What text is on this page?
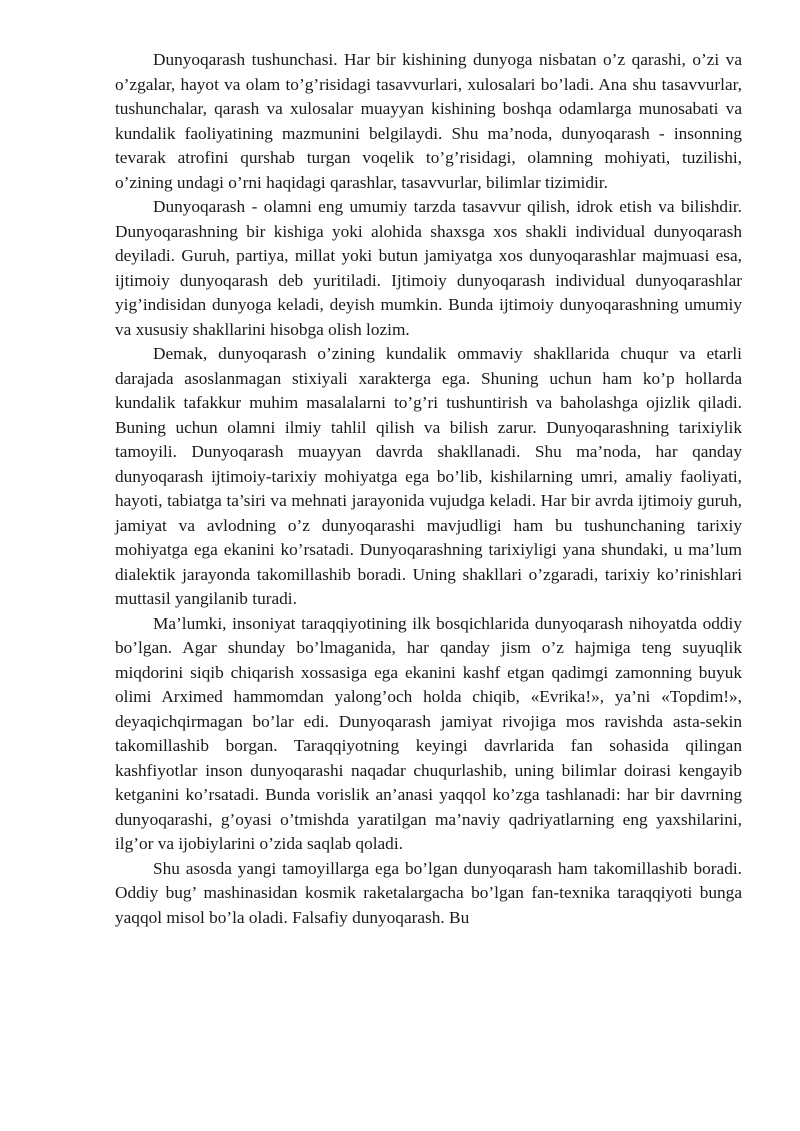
Dunyoqarash tushunchasi. Har bir kishining dunyoga nisbatan o’z qarashi, o’zi va o’zgalar, hayot va olam to’g’risidagi tasavvurlari, xulosalari bo’ladi. Ana shu tasavvurlar, tushunchalar, qarash va xulosalar muayyan kishining boshqa odamlarga munosabati va kundalik faoliyatining mazmunini belgilaydi. Shu ma’noda, dunyoqarash - insonning tevarak atrofini qurshab turgan voqelik to’g’risidagi, olamning mohiyati, tuzilishi, o’zining undagi o’rni haqidagi qarashlar, tasavvurlar, bilimlar tizimidir.

Dunyoqarash - olamni eng umumiy tarzda tasavvur qilish, idrok etish va bilishdir. Dunyoqarashning bir kishiga yoki alohida shaxsga xos shakli individual dunyoqarash deyiladi. Guruh, partiya, millat yoki butun jamiyatga xos dunyoqarashlar majmuasi esa, ijtimoiy dunyoqarash deb yuritiladi. Ijtimoiy dunyoqarash individual dunyoqarashlar yig’indisidan dunyoga keladi, deyish mumkin. Bunda ijtimoiy dunyoqarashning umumiy va xususiy shakllarini hisobga olish lozim.

Demak, dunyoqarash o’zining kundalik ommaviy shakllarida chuqur va etarli darajada asoslanmagan stixiyali xarakterga ega. Shuning uchun ham ko’p hollarda kundalik tafakkur muhim masalalarni to’g’ri tushuntirish va baholashga ojizlik qiladi. Buning uchun olamni ilmiy tahlil qilish va bilish zarur. Dunyoqarashning tarixiylik tamoyili. Dunyoqarash muayyan davrda shakllanadi. Shu ma’noda, har qanday dunyoqarash ijtimoiy-tarixiy mohiyatga ega bo’lib, kishilarning umri, amaliy faoliyati, hayoti, tabiatga ta’siri va mehnati jarayonida vujudga keladi. Har bir avrda ijtimoiy guruh, jamiyat va avlodning o’z dunyoqarashi mavjudligi ham bu tushunchaning tarixiy mohiyatga ega ekanini ko’rsatadi. Dunyoqarashning tarixiyligi yana shundaki, u ma’lum dialektik jarayonda takomillashib boradi. Uning shakllari o’zgaradi, tarixiy ko’rinishlari muttasil yangilanib turadi.

Ma’lumki, insoniyat taraqqiyotining ilk bosqichlarida dunyoqarash nihoyatda oddiy bo’lgan. Agar shunday bo’lmaganida, har qanday jism o’z hajmiga teng suyuqlik miqdorini siqib chiqarish xossasiga ega ekanini kashf etgan qadimgi zamonning buyuk olimi Arximed hammomdan yalong’och holda chiqib, «Evrika!», ya’ni «Topdim!», deyaqichqirmagan bo’lar edi. Dunyoqarash jamiyat rivojiga mos ravishda asta-sekin takomillashib borgan. Taraqqiyotning keyingi davrlarida fan sohasida qilingan kashfiyotlar inson dunyoqarashi naqadar chuqurlashib, uning bilimlar doirasi kengayib ketganini ko’rsatadi. Bunda vorislik an’anasi yaqqol ko’zga tashlanadi: har bir davrning dunyoqarashi, g’oyasi o’tmishda yaratilgan ma’naviy qadriyatlarning eng yaxshilarini, ilg’or va ijobiylarini o’zida saqlab qoladi.

Shu asosda yangi tamoyillarga ega bo’lgan dunyoqarash ham takomillashib boradi. Oddiy bug’ mashinasidan kosmik raketalargacha bo’lgan fan-texnika taraqqiyoti bunga yaqqol misol bo’la oladi. Falsafiy dunyoqarash. Bu
